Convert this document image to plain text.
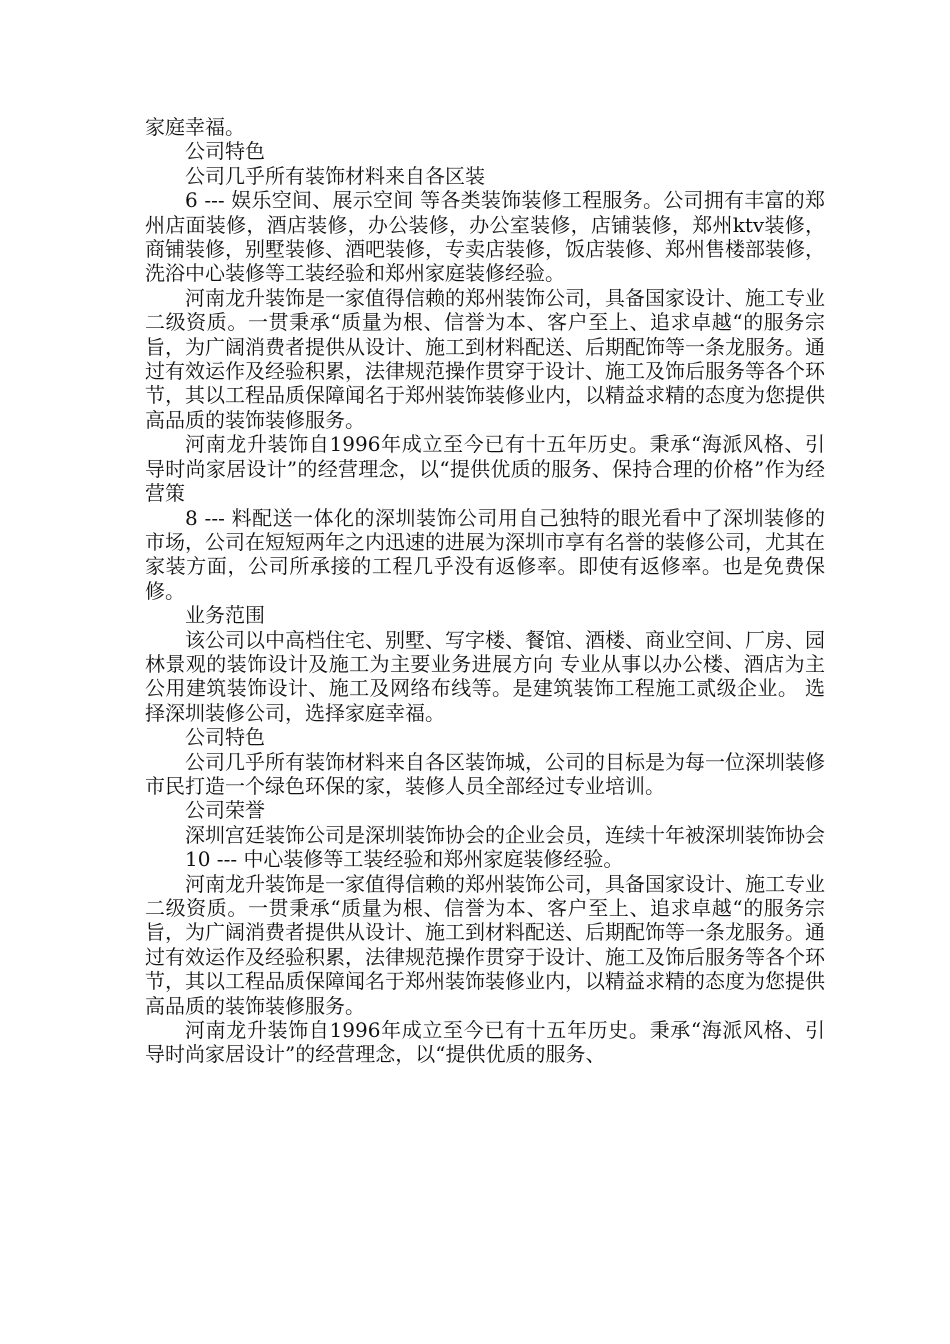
家庭幸福。

公司特色

公司几乎所有装饰材料来自各区装

6 --- 娱乐空间、展示空间 等各类装饰装修工程服务。公司拥有丰富的郑州店面装修，酒店装修，办公装修，办公室装修，店铺装修，郑州ktv装修，商铺装修，别墅装修、酒吧装修，专卖店装修，饭店装修、郑州售楼部装修，洗浴中心装修等工装经验和郑州家庭装修经验。

河南龙升装饰是一家值得信赖的郑州装饰公司，具备国家设计、施工专业二级资质。一贯秉承“质量为根、信誉为本、客户至上、追求卓越“的服务宗旨，为广阔消费者提供从设计、施工到材料配送、后期配饰等一条龙服务。通过有效运作及经验积累，法律规范操作贯穿于设计、施工及饰后服务等各个环节，其以工程品质保障闻名于郑州装饰装修业内，以精益求精的态度为您提供高品质的装饰装修服务。

河南龙升装饰自1996年成立至今已有十五年历史。秉承“海派风格、引导时尚家居设计”的经营理念，以“提供优质的服务、保持合理的价格”作为经营策

8 --- 料配送一体化的深圳装饰公司用自己独特的眼光看中了深圳装修的市场，公司在短短两年之内迅速的进展为深圳市享有名誉的装修公司，尤其在家装方面，公司所承接的工程几乎没有返修率。即使有返修率。也是免费保修。

业务范围

该公司以中高档住宅、别墅、写字楼、餐馆、酒楼、商业空间、厂房、园林景观的装饰设计及施工为主要业务进展方向 专业从事以办公楼、酒店为主公用建筑装饰设计、施工及网络布线等。是建筑装饰工程施工贰级企业。 选择深圳装修公司，选择家庭幸福。

公司特色

公司几乎所有装饰材料来自各区装饰城，公司的目标是为每一位深圳装修市民打造一个绿色环保的家，装修人员全部经过专业培训。

公司荣誉

深圳宫廷装饰公司是深圳装饰协会的企业会员，连续十年被深圳装饰协会

10 --- 中心装修等工装经验和郑州家庭装修经验。

河南龙升装饰是一家值得信赖的郑州装饰公司，具备国家设计、施工专业二级资质。一贯秉承“质量为根、信誉为本、客户至上、追求卓越“的服务宗旨，为广阔消费者提供从设计、施工到材料配送、后期配饰等一条龙服务。通过有效运作及经验积累，法律规范操作贯穿于设计、施工及饰后服务等各个环节，其以工程品质保障闻名于郑州装饰装修业内，以精益求精的态度为您提供高品质的装饰装修服务。

河南龙升装饰自1996年成立至今已有十五年历史。秉承“海派风格、引导时尚家居设计”的经营理念，以“提供优质的服务、
